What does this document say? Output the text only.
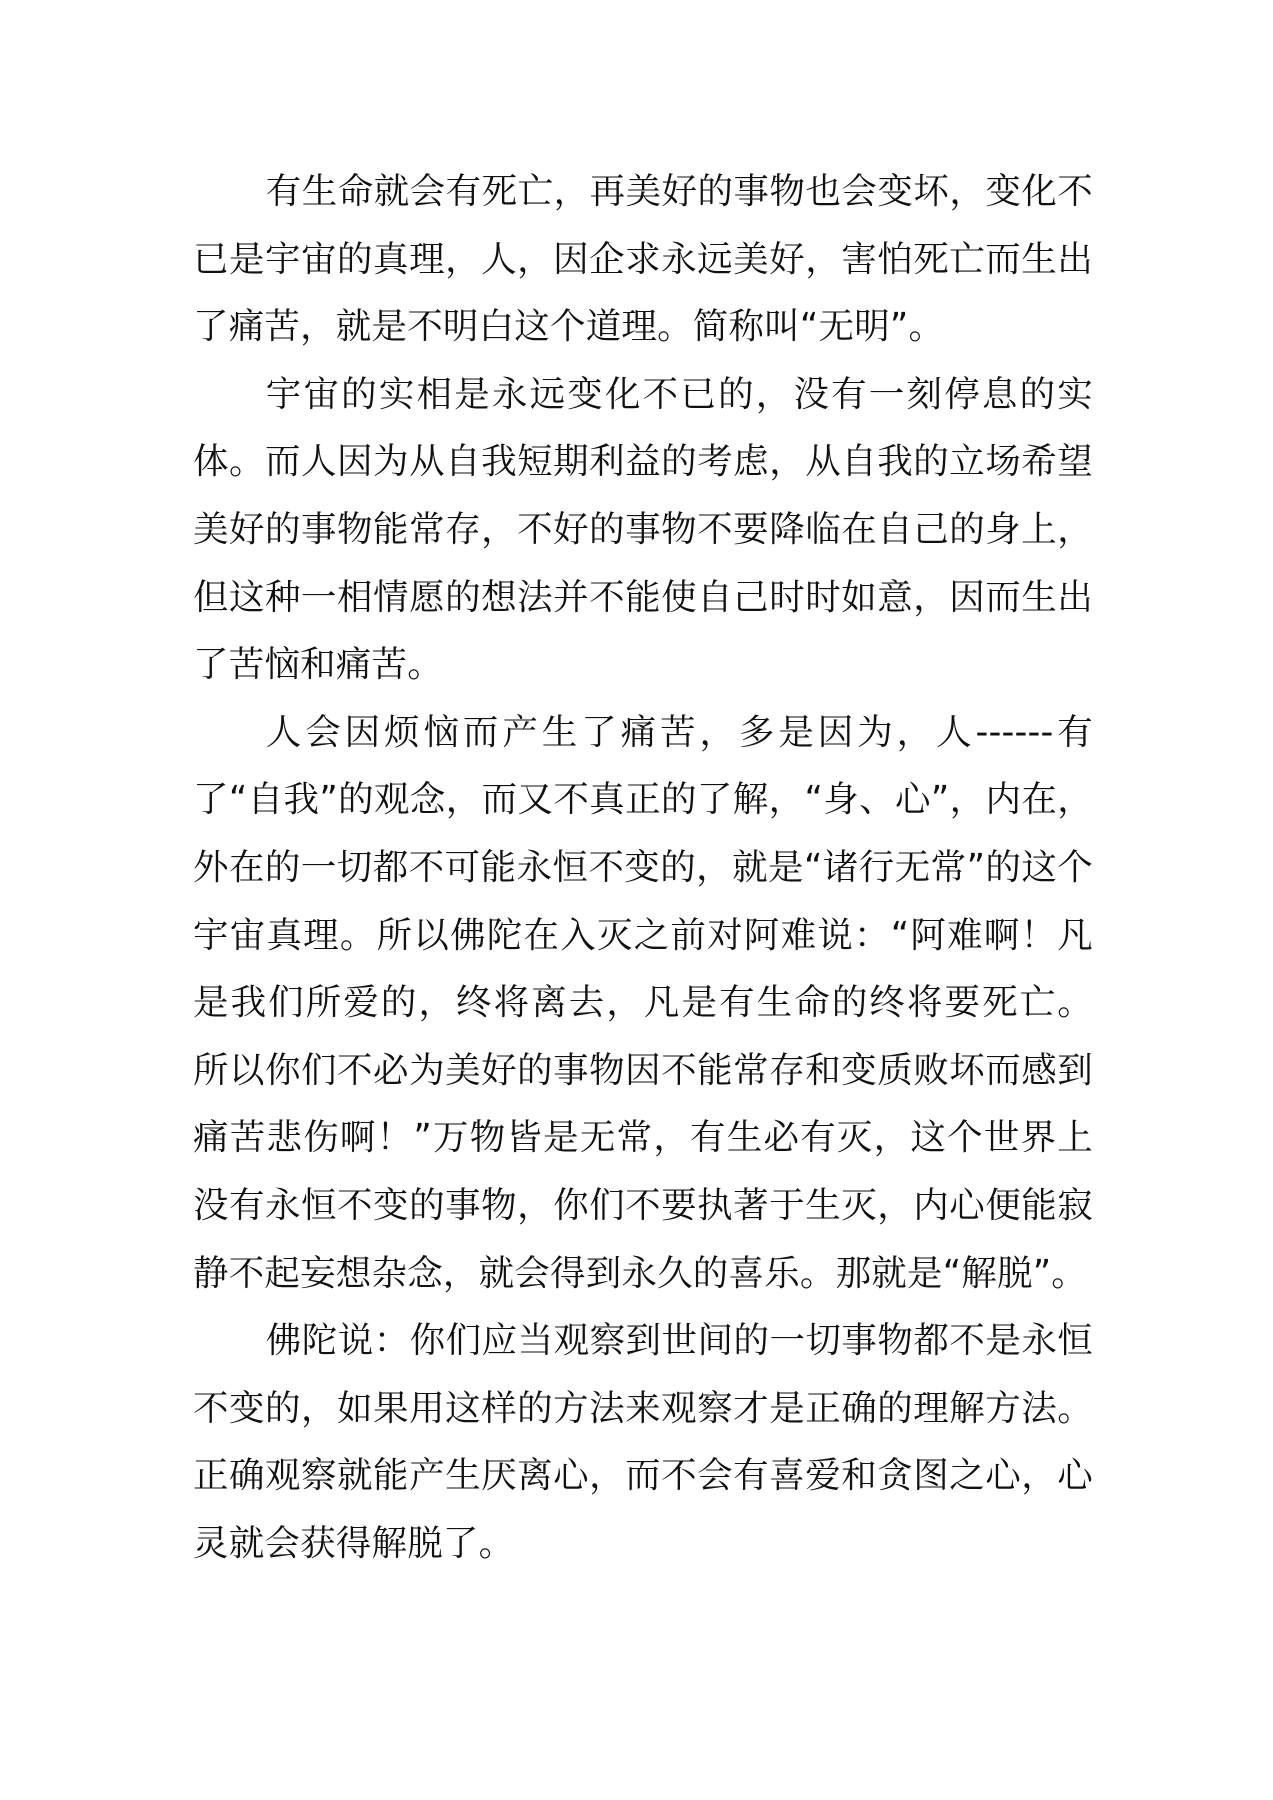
有生命就会有死亡，再美好的事物也会变坏，变化不已是宇宙的真理，人，因企求永远美好，害怕死亡而生出了痛苦，就是不明白这个道理。简称叫“无明”。

宇宙的实相是永远变化不已的，没有一刻停息的实体。而人因为从自我短期利益的考虑，从自我的立场希望美好的事物能常存，不好的事物不要降临在自己的身上，但这种一相情愿的想法并不能使自己时时如意，因而生出了苦恼和痛苦。

人会因烦恼而产生了痛苦，多是因为，人------有了“自我”的观念，而又不真正的了解，“身、心”，内在，外在的一切都不可能永恒不变的，就是“诸行无常”的这个宇宙真理。所以佛陀在入灭之前对阿难说：“阿难啊！凡是我们所爱的，终将离去，凡是有生命的终将要死亡。 所以你们不必为美好的事物因不能常存和变质败坏而感到痛苦悲伤啊！”万物皆是无常，有生必有灭，这个世界上没有永恒不变的事物，你们不要执著于生灭，内心便能寂静不起妄想杂念，就会得到永久的喜乐。那就是“解脱”。

佛陀说：你们应当观察到世间的一切事物都不是永恒不变的，如果用这样的方法来观察才是正确的理解方法。正确观察就能产生厌离心，而不会有喜爱和贪图之心，心灵就会获得解脱了。
